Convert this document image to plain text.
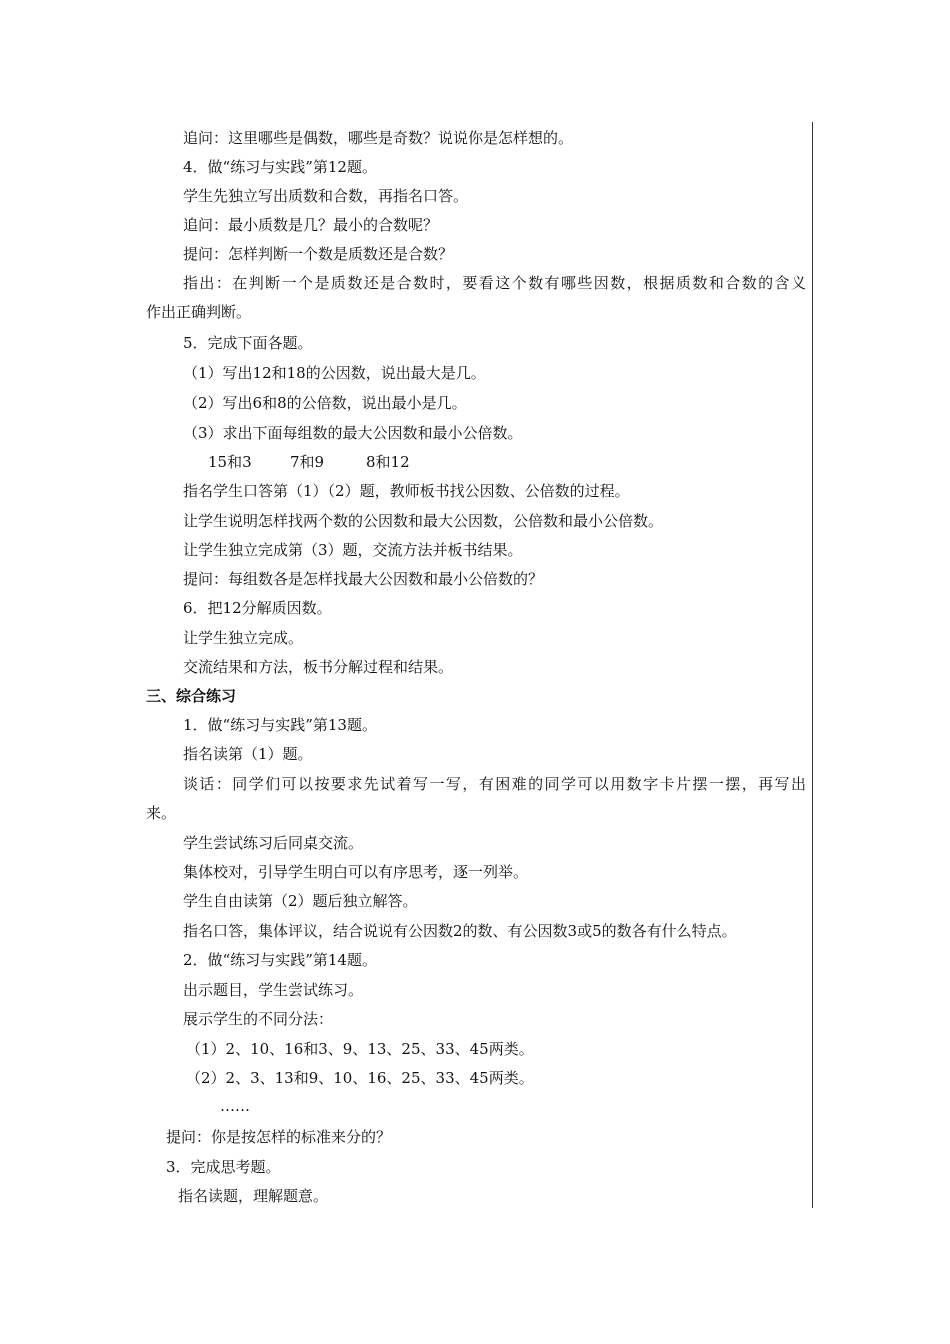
追问：这里哪些是偶数，哪些是奇数？说说你是怎样想的。
4．做“练习与实践”第12题。
学生先独立写出质数和合数，再指名口答。
追问：最小质数是几？最小的合数呢？
提问：怎样判断一个数是质数还是合数？
指出：在判断一个是质数还是合数时，要看这个数有哪些因数，根据质数和合数的含义
作出正确判断。
5．完成下面各题。
（1）写出12和18的公因数，说出最大是几。
（2）写出6和8的公倍数，说出最小是几。
（3）求出下面每组数的最大公因数和最小公倍数。
15和3	7和9	8和12
指名学生口答第（1）（2）题，教师板书找公因数、公倍数的过程。
让学生说明怎样找两个数的公因数和最大公因数，公倍数和最小公倍数。
让学生独立完成第（3）题，交流方法并板书结果。
提问：每组数各是怎样找最大公因数和最小公倍数的？
6．把12分解质因数。
让学生独立完成。
交流结果和方法，板书分解过程和结果。
三、综合练习
1．做“练习与实践”第13题。
指名读第（1）题。
谈话：同学们可以按要求先试着写一写，有困难的同学可以用数字卡片摆一摆，再写出
来。
学生尝试练习后同桌交流。
集体校对，引导学生明白可以有序思考，逐一列举。
学生自由读第（2）题后独立解答。
指名口答，集体评议，结合说说有公因数2的数、有公因数3或5的数各有什么特点。
2．做“练习与实践”第14题。
出示题目，学生尝试练习。
展示学生的不同分法：
（1）2、10、16和3、9、13、25、33、45两类。
（2）2、3、13和9、10、16、25、33、45两类。
……
提问：你是按怎样的标准来分的？
3．完成思考题。
指名读题，理解题意。
